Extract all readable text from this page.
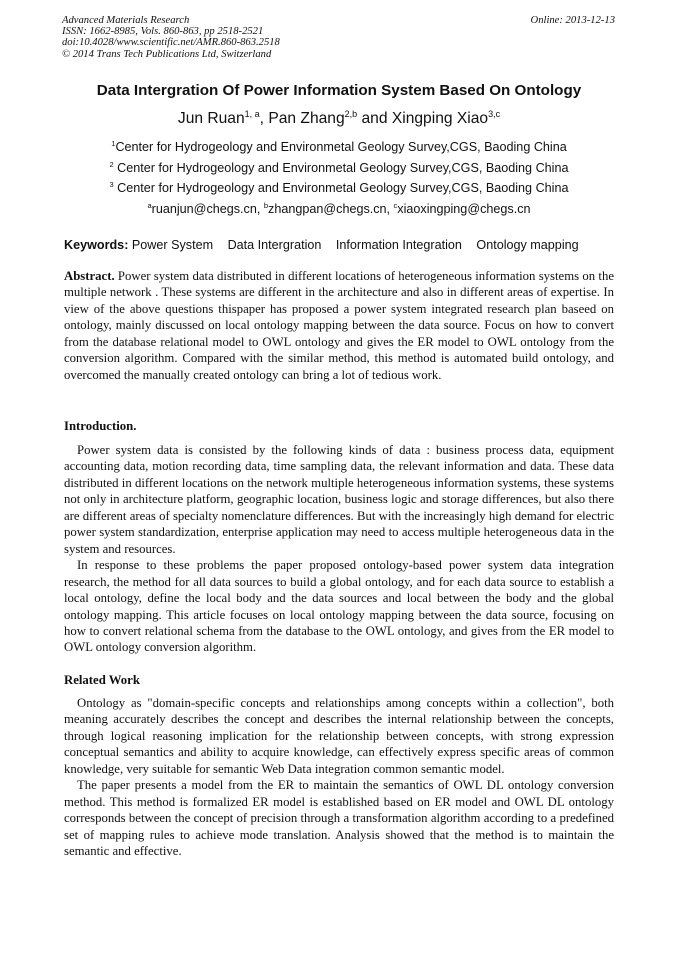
Advanced Materials Research
ISSN: 1662-8985, Vols. 860-863, pp 2518-2521
doi:10.4028/www.scientific.net/AMR.860-863.2518
© 2014 Trans Tech Publications Ltd, Switzerland
Online: 2013-12-13
Data Intergration Of Power Information System Based On Ontology
Jun Ruan$^{1, a}$, Pan Zhang$^{2,b}$ and Xingping Xiao$^{3,c}$
$^1$Center for Hydrogeology and Environmetal Geology Survey,CGS, Baoding China
$^2$ Center for Hydrogeology and Environmetal Geology Survey,CGS, Baoding China
$^3$ Center for Hydrogeology and Environmetal Geology Survey,CGS, Baoding China
$^a$ruanjun@chegs.cn, $^b$zhangpan@chegs.cn, $^c$xiaoxingping@chegs.cn
Keywords: Power System Data Intergration Information Integration Ontology mapping

Abstract. Power system data distributed in different locations of heterogeneous information systems on the multiple network . These systems are different in the architecture and also in different areas of expertise. In view of the above questions thispaper has proposed a power system integrated research plan baseed on ontology, mainly discussed on local ontology mapping between the data source. Focus on how to convert from the database relational model to OWL ontology and gives the ER model to OWL ontology from the conversion algorithm. Compared with the similar method, this method is automated build ontology, and overcomed the manually created ontology can bring a lot of tedious work.

Introduction.

Power system data is consisted by the following kinds of data : business process data, equipment accounting data, motion recording data, time sampling data, the relevant information and data. These data distributed in different locations on the network multiple heterogeneous information systems, these systems not only in architecture platform, geographic location, business logic and storage differences, but also there are different areas of specialty nomenclature differences. But with the increasingly high demand for electric power system standardization, enterprise application may need to access multiple heterogeneous data in the system and resources.

In response to these problems the paper proposed ontology-based power system data integration research, the method for all data sources to build a global ontology, and for each data source to establish a local ontology, define the local body and the data sources and local between the body and the global ontology mapping. This article focuses on local ontology mapping between the data source, focusing on how to convert relational schema from the database to the OWL ontology, and gives from the ER model to OWL ontology conversion algorithm.

Related Work

Ontology as "domain-specific concepts and relationships among concepts within a collection", both meaning accurately describes the concept and describes the internal relationship between the concepts, through logical reasoning implication for the relationship between concepts, with strong expression conceptual semantics and ability to acquire knowledge, can effectively express specific areas of common knowledge, very suitable for semantic Web Data integration common semantic model.

The paper presents a model from the ER to maintain the semantics of OWL DL ontology conversion method. This method is formalized ER model is established based on ER model and OWL DL ontology corresponds between the concept of precision through a transformation algorithm according to a predefined set of mapping rules to achieve mode translation. Analysis showed that the method is to maintain the semantic and effective.
